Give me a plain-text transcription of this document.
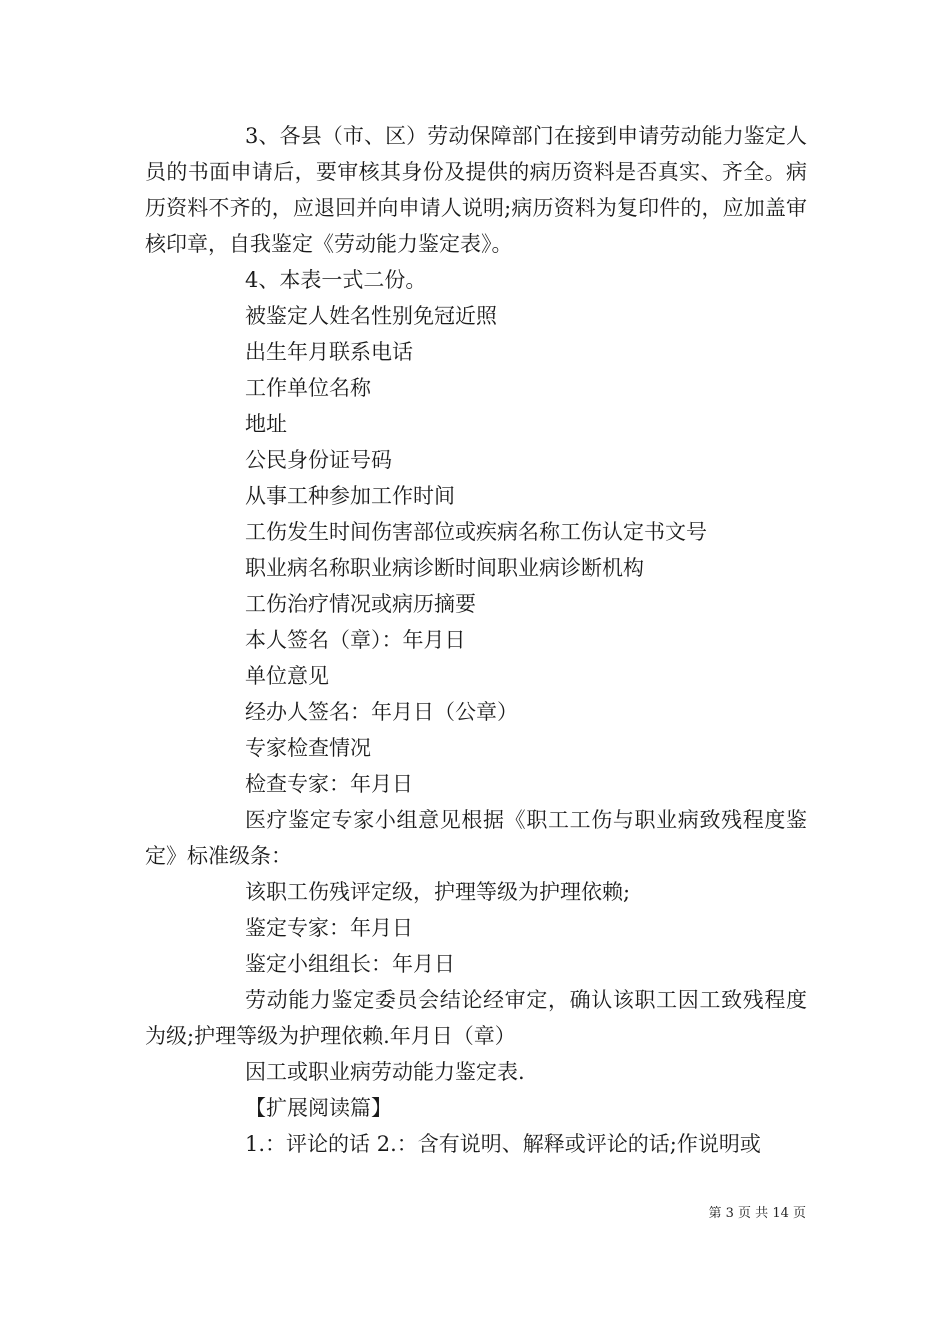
3、各县（市、区）劳动保障部门在接到申请劳动能力鉴定人员的书面申请后，要审核其身份及提供的病历资料是否真实、齐全。病历资料不齐的，应退回并向申请人说明;病历资料为复印件的，应加盖审核印章，自我鉴定《劳动能力鉴定表》。

4、本表一式二份。

被鉴定人姓名性别免冠近照

出生年月联系电话

工作单位名称

地址

公民身份证号码

从事工种参加工作时间

工伤发生时间伤害部位或疾病名称工伤认定书文号

职业病名称职业病诊断时间职业病诊断机构

工伤治疗情况或病历摘要

本人签名（章）：年月日

单位意见

经办人签名：年月日（公章）

专家检查情况

检查专家：年月日

医疗鉴定专家小组意见根据《职工工伤与职业病致残程度鉴定》标准级条：

该职工伤残评定级，护理等级为护理依赖;

鉴定专家：年月日

鉴定小组组长：年月日

劳动能力鉴定委员会结论经审定，确认该职工因工致残程度为级;护理等级为护理依赖.年月日（章）

因工或职业病劳动能力鉴定表.

【扩展阅读篇】

1.：评论的话 2.：含有说明、解释或评论的话;作说明或

第 3 页 共 14 页
